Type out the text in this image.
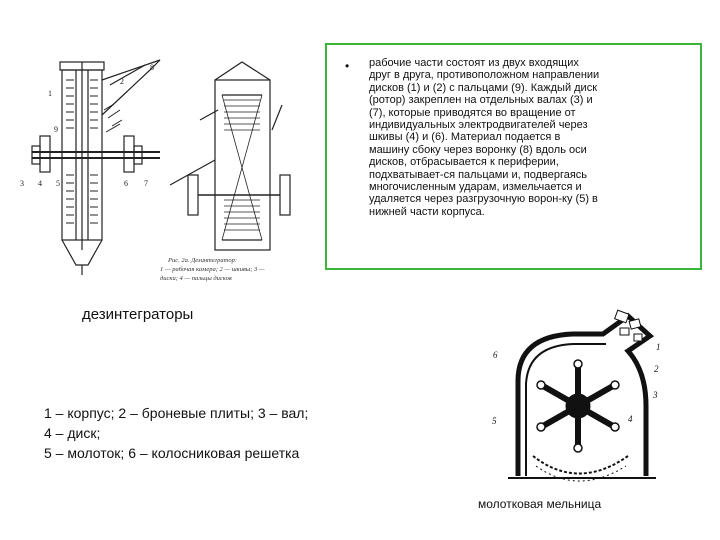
1
2
3 4 5	6 7
8
9
Рис. 2а. Дезинтегратор:
1 — рабочая камера; 2 — шкивы; 3 —
диски; 4 — пальцы дисков
• рабочие части состоят из двух входящих
друг в друга, противоположном направлении
дисков (1) и (2) с пальцами (9). Каждый диск
(ротор) закреплен на отдельных валах (3) и
(7), которые приводятся во вращение от
индивидуальных электродвигателей через
шкивы (4) и (6). Материал подается в
машину сбоку через воронку (8) вдоль оси
дисков, отбрасывается к периферии,
подхватывает-ся пальцами и, подвергаясь
многочисленным ударам, измельчается и
удаляется через разгрузочную ворон-ку (5) в
нижней части корпуса.
дезинтеграторы
1 – корпус; 2 – броневые плиты; 3 – вал;
4 – диск;
5 – молоток; 6 – колосниковая решетка
6
5	4
3
2
1
молотковая мельница
